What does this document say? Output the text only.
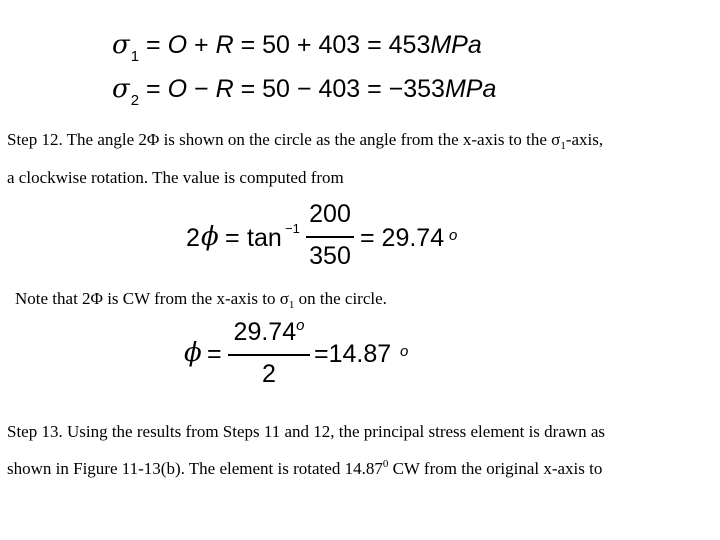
$\sigma_1 = O + R = 50 + 403 = 453MPa$
$\sigma_2 = O - R = 50 - 403 = -353MPa$
Step 12. The angle 2Φ is shown on the circle as the angle from the x-axis to the $\sigma_1$-axis,
a clockwise rotation. The value is computed from
2 ϕ = tan −1
200
350
= 29.74 o
Note that 2Φ is CW from the x-axis to $\sigma_1$ on the circle.
ϕ =
$29.74^o$
2
=14.87 o
Step 13. Using the results from Steps 11 and 12, the principal stress element is drawn as
shown in Figure 11-13(b). The element is rotated 14.87$^0$ CW from the original x-axis to
